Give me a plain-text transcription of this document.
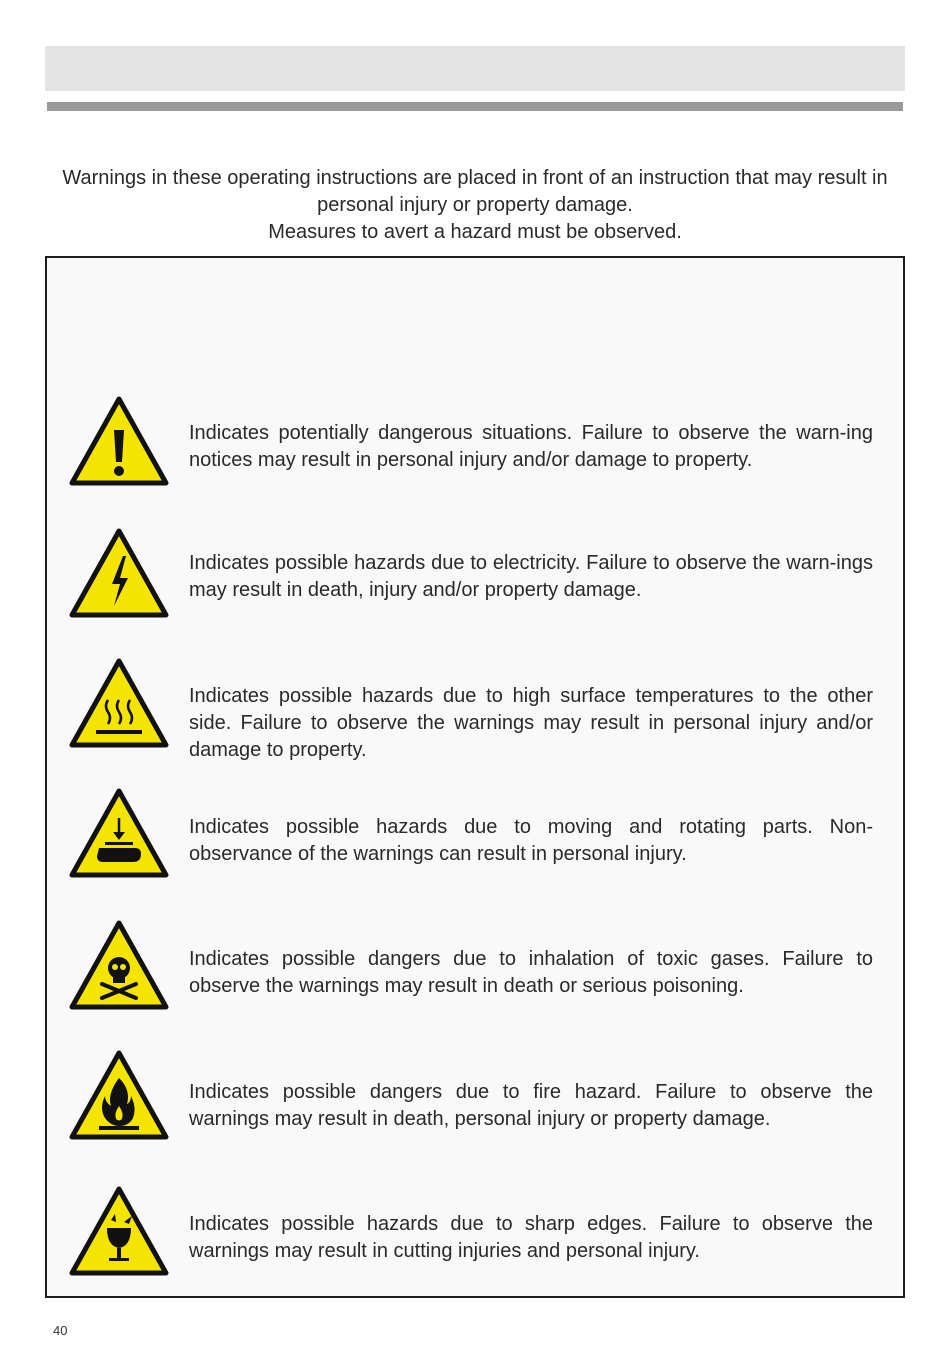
Warnings in these operating instructions are placed in front of an instruction that may result in personal injury or property damage.

Measures to avert a hazard must be observed.

Indicates potentially dangerous situations. Failure to observe the warn-ing notices may result in personal injury and/or damage to property.

Indicates possible hazards due to electricity. Failure to observe the warn-ings may result in death, injury and/or property damage.

Indicates possible hazards due to high surface temperatures to the other side. Failure to observe the warnings may result in personal injury and/or damage to property.

Indicates possible hazards due to moving and rotating parts. Non-observance of the warnings can result in personal injury.

Indicates possible dangers due to inhalation of toxic gases. Failure to observe the warnings may result in death or serious poisoning.

Indicates possible dangers due to fire hazard. Failure to observe the warnings may result in death, personal injury or property damage.

Indicates possible hazards due to sharp edges. Failure to observe the warnings may result in cutting injuries and personal injury.

40
